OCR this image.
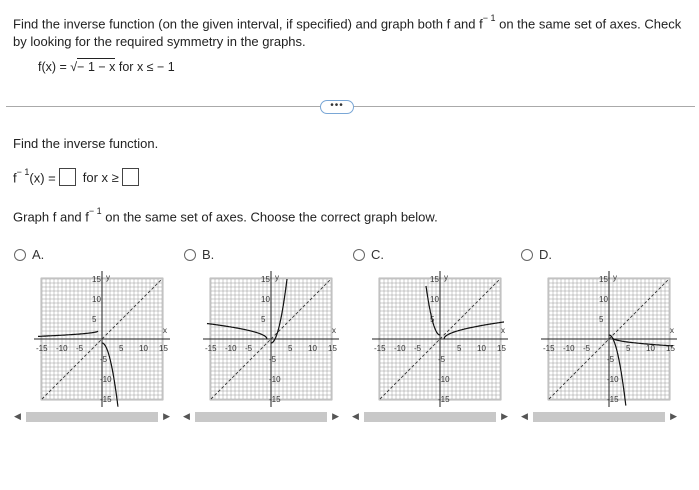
Find the inverse function (on the given interval, if specified) and graph both f and $f^{- 1}$ on the same set of axes. Check
by looking for the required symmetry in the graphs.
f(x) = √− 1 − x for x ≤ − 1
•••
Find the inverse function.
$f^{- 1}(x)$ = for x ≥
Graph f and $f^{- 1}$ on the same set of axes. Choose the correct graph below.
A.	B.	C.	D.
5
-5
5
-5
10
-10
10
-10
15
-15
15
-15
x
y
5
-5
5
-5
10
-10
10
-10
15
-15
15
-15
x
y
5
-5
5
-5
10
-10
10
-10
15
-15
15
-15
x
y
5
-5
5
-5
10
-10
10
-10
15
-15
15
-15
x
y
◀	▶ ◀	▶ ◀	▶ ◀	▶
